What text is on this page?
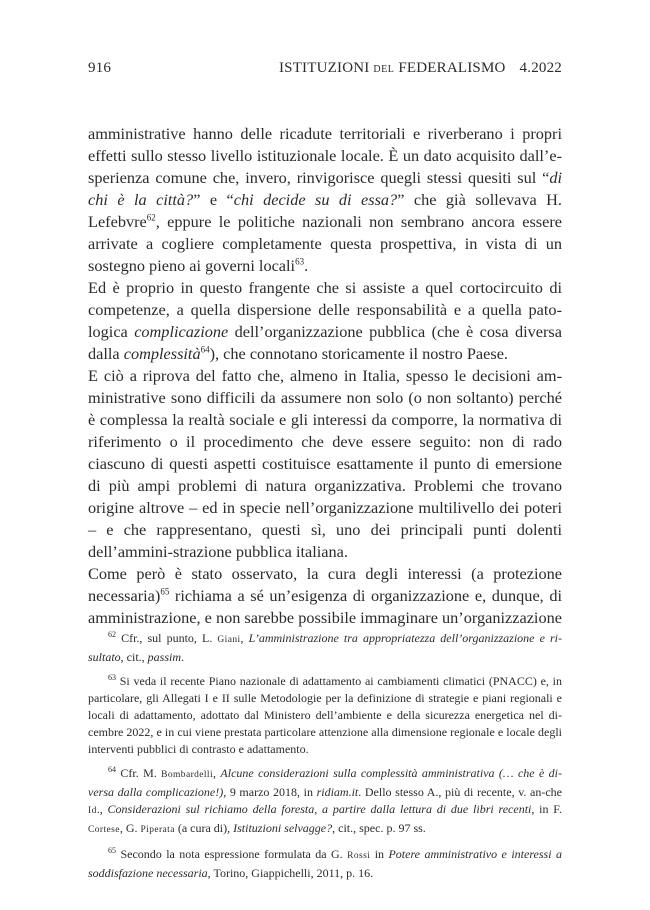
916	ISTITUZIONI DEL FEDERALISMO 4.2022

amministrative hanno delle ricadute territoriali e riverberano i propri effetti sullo stesso livello istituzionale locale. È un dato acquisito dall’e-sperienza comune che, invero, rinvigorisce quegli stessi quesiti sul “di chi è la città?” e “chi decide su di essa?” che già sollevava H. Lefebvre$^{62}$, eppure le politiche nazionali non sembrano ancora essere arrivate a cogliere completamente questa prospettiva, in vista di un sostegno pieno ai governi locali$^{63}$.

Ed è proprio in questo frangente che si assiste a quel cortocircuito di competenze, a quella dispersione delle responsabilità e a quella pato-logica complicazione dell’organizzazione pubblica (che è cosa diversa dalla complessità$^{64}$), che connotano storicamente il nostro Paese.

E ciò a riprova del fatto che, almeno in Italia, spesso le decisioni am-ministrative sono difficili da assumere non solo (o non soltanto) perché è complessa la realtà sociale e gli interessi da comporre, la normativa di riferimento o il procedimento che deve essere seguito: non di rado ciascuno di questi aspetti costituisce esattamente il punto di emersione di più ampi problemi di natura organizzativa. Problemi che trovano origine altrove – ed in specie nell’organizzazione multilivello dei poteri – e che rappresentano, questi sì, uno dei principali punti dolenti dell’ammini-strazione pubblica italiana.

Come però è stato osservato, la cura degli interessi (a protezione necessaria)$^{65}$ richiama a sé un’esigenza di organizzazione e, dunque, di amministrazione, e non sarebbe possibile immaginare un’organizzazione

$^{62}$ Cfr., sul punto, L. Giani, L’amministrazione tra appropriatezza dell’organizzazione e ri-sultato, cit., passim.

$^{63}$ Si veda il recente Piano nazionale di adattamento ai cambiamenti climatici (PNACC) e, in particolare, gli Allegati I e II sulle Metodologie per la definizione di strategie e piani regionali e locali di adattamento, adottato dal Ministero dell’ambiente e della sicurezza energetica nel di-cembre 2022, e in cui viene prestata particolare attenzione alla dimensione regionale e locale degli interventi pubblici di contrasto e adattamento.

$^{64}$ Cfr. M. Bombardelli, Alcune considerazioni sulla complessità amministrativa (… che è di-versa dalla complicazione!), 9 marzo 2018, in ridiam.it. Dello stesso A., più di recente, v. an-che Id., Considerazioni sul richiamo della foresta, a partire dalla lettura di due libri recenti, in F. Cortese, G. Piperata (a cura di), Istituzioni selvagge?, cit., spec. p. 97 ss.

$^{65}$ Secondo la nota espressione formulata da G. Rossi in Potere amministrativo e interessi a soddisfazione necessaria, Torino, Giappichelli, 2011, p. 16.
